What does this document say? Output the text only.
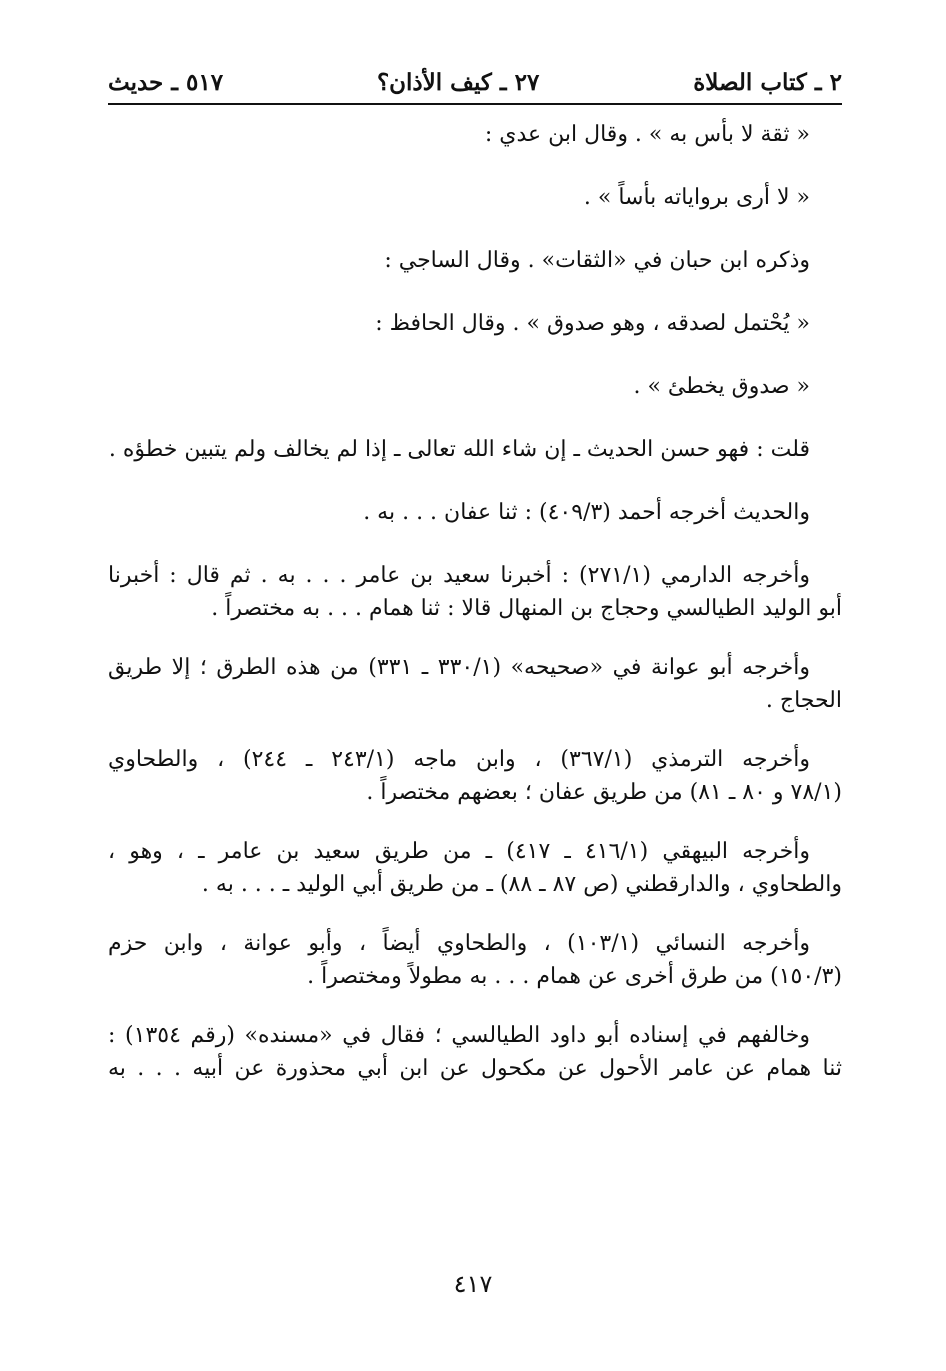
٢ ـ كتاب الصلاة
٢٧ ـ كيف الأذان؟
٥١٧ ـ حديث
« ثقة لا بأس به » . وقال ابن عدي :
« لا أرى برواياته بأساً » .
وذكره ابن حبان في «الثقات» . وقال الساجي :
« يُحْتمل لصدقه ، وهو صدوق » . وقال الحافظ :
« صدوق يخطئ » .
قلت : فهو حسن الحديث ـ إن شاء الله تعالى ـ إذا لم يخالف ولم يتبين خطؤه .
والحديث أخرجه أحمد (٤٠٩/٣) : ثنا عفان . . . به .
وأخرجه الدارمي (٢٧١/١) : أخبرنا سعيد بن عامر . . . به . ثم قال : أخبرنا
أبو الوليد الطيالسي وحجاج بن المنهال قالا : ثنا همام . . . به مختصراً .
وأخرجه أبو عوانة في «صحيحه» (٣٣٠/١ ـ ٣٣١) من هذه الطرق ؛ إلا طريق
الحجاج .
وأخرجه الترمذي (٣٦٧/١) ، وابن ماجه (٢٤٣/١ ـ ٢٤٤) ، والطحاوي
(٧٨/١ و ٨٠ ـ ٨١) من طريق عفان ؛ بعضهم مختصراً .
وأخرجه البيهقي (٤١٦/١ ـ ٤١٧) ـ من طريق سعيد بن عامر ـ ، وهو ،
والطحاوي ، والدارقطني (ص ٨٧ ـ ٨٨) ـ من طريق أبي الوليد ـ . . . به .
وأخرجه النسائي (١٠٣/١) ، والطحاوي أيضاً ، وأبو عوانة ، وابن حزم
(١٥٠/٣) من طرق أخرى عن همام . . . به مطولاً ومختصراً .
وخالفهم في إسناده أبو داود الطيالسي ؛ فقال في «مسنده» (رقم ١٣٥٤) :
ثنا همام عن عامر الأحول عن مكحول عن ابن أبي محذورة عن أبيه . . . به
٤١٧
